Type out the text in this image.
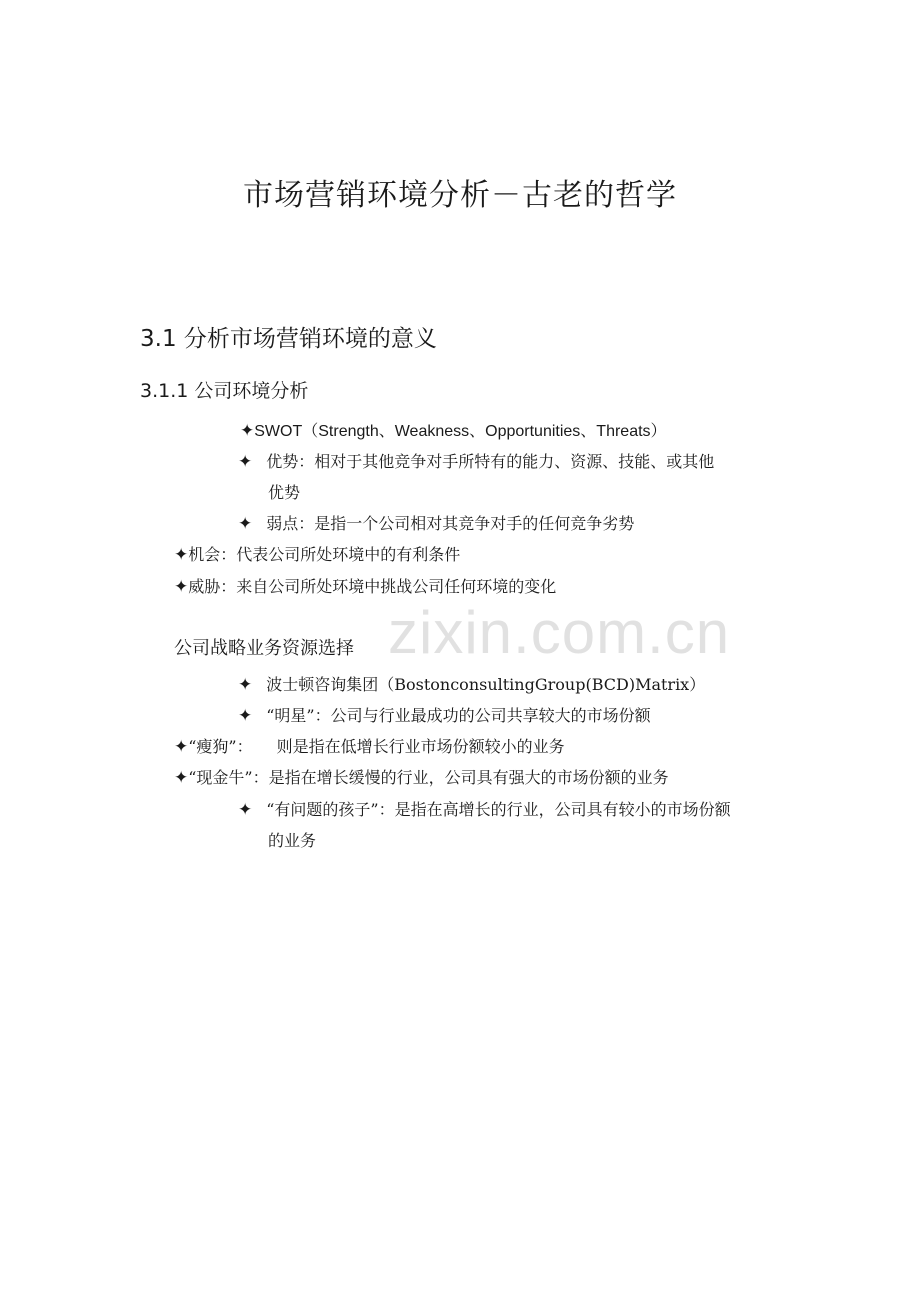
市场营销环境分析－古老的哲学
3.1 分析市场营销环境的意义
3.1.1 公司环境分析
✦SWOT（Strength、Weakness、Opportunities、Threats）
✦ 优势：相对于其他竞争对手所特有的能力、资源、技能、或其他
优势
✦ 弱点：是指一个公司相对其竞争对手的任何竞争劣势
✦机会：代表公司所处环境中的有利条件
✦威胁：来自公司所处环境中挑战公司任何环境的变化
zixin.com.cn
公司战略业务资源选择
✦ 波士顿咨询集团（BostonconsultingGroup(BCD)Matrix）
✦ “明星”：公司与行业最成功的公司共享较大的市场份额
✦“瘦狗”： 则是指在低增长行业市场份额较小的业务
✦“现金牛”：是指在增长缓慢的行业，公司具有强大的市场份额的业务
✦ “有问题的孩子”：是指在高增长的行业，公司具有较小的市场份额
的业务
